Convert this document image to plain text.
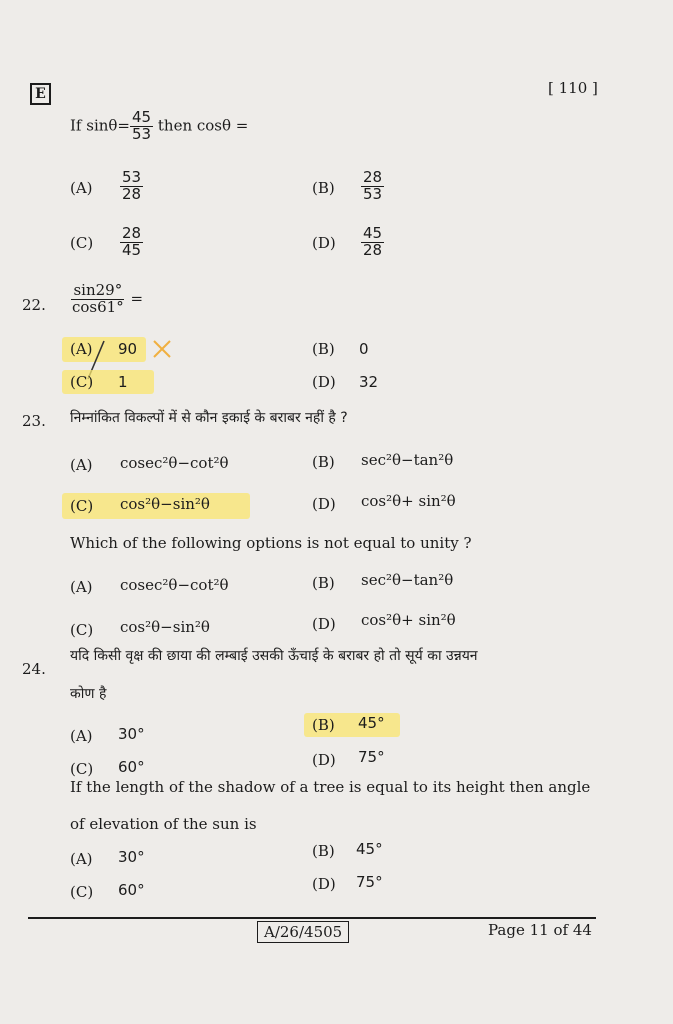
E	[ 110 ]
If $\sin\theta= \frac{45}{53}$ then cosθ =
$(A) \frac{53}{28}$	$(B) \frac{28}{53}$
$(C) \frac{28}{45}$	$(D) \frac{45}{28}$
22. $\frac{\sin 29^\circ}{\cos 61^\circ}$ =
(A) 90	(B) 0
(C) 1	(D) 32
23. निम्नांकित विकल्पों में से कौन इकाई के बराबर नहीं है ?
(A) cosec²θ−cot²θ	(B) sec²θ−tan²θ
(C) cos²θ−sin²θ	(D) cos²θ+ sin²θ
Which of the following options is not equal to unity ?
(A) cosec²θ−cot²θ	(B) sec²θ−tan²θ
(C) cos²θ−sin²θ	(D) cos²θ+ sin²θ
24.
यदि किसी वृक्ष की छाया की लम्बाई उसकी ऊँचाई के बराबर हो तो सूर्य का उन्नयन
कोण है
(A) 30°	(B) 45°
(C) 60°	(D) 75°
If the length of the shadow of a tree is equal to its height then angle
of elevation of the sun is
(A) 30°	(B) 45°
(C) 60°	(D) 75°
A/26/4505	Page 11 of 44
